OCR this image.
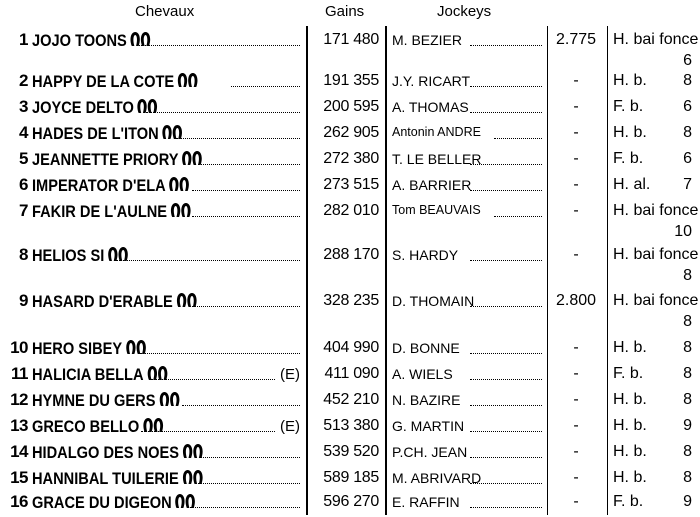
Chevaux	Gains	Jockeys
1 JOJO TOONS	171 480 M. BEZIER	2.775 H. bai fonce
6
2 HAPPY DE LA COTE	191 355 J.Y. RICART	-	H. b.	8
3 JOYCE DELTO	200 595 A. THOMAS	-	F. b.	6
4 HADES DE L'ITON	262 905 Antonin ANDRE	-	H. b.	8
5 JEANNETTE PRIORY	272 380 T. LE BELLER	-	F. b.	6
6 IMPERATOR D'ELA	273 515 A. BARRIER	-	H. al.	7
7 FAKIR DE L'AULNE	282 010 Tom BEAUVAIS	-	H. bai fonce
10
8 HELIOS SI	288 170 S. HARDY	-	H. bai fonce
8
9 HASARD D'ERABLE	328 235 D. THOMAIN	2.800 H. bai fonce
8
10 HERO SIBEY	404 990 D. BONNE	-	H. b.	8
11 HALICIA BELLA	(E)	411 090 A. WIELS	-	F. b.	8
12 HYMNE DU GERS	452 210 N. BAZIRE	-	H. b.	8
13 GRECO BELLO	(E)	513 380 G. MARTIN	-	H. b.	9
14 HIDALGO DES NOES	539 520 P.CH. JEAN	-	H. b.	8
15 HANNIBAL TUILERIE	589 185 M. ABRIVARD	-	H. b.	8
16 GRACE DU DIGEON	596 270 E. RAFFIN	-	F. b.	9
